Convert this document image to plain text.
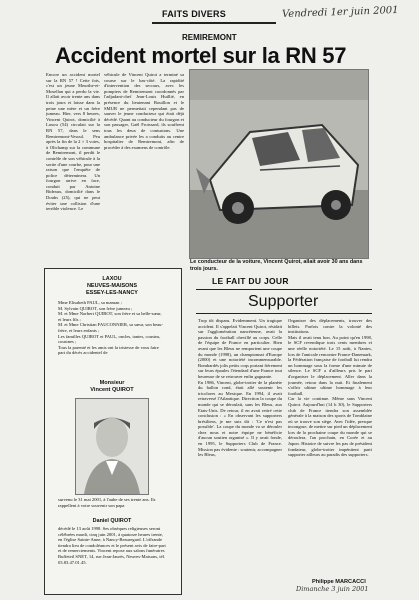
FAITS DIVERS	Vendredi 1er juin 2001
REMIREMONT
Accident mortel sur la RN 57
Encore un accident mortel sur la RN 57 ! Cette fois, c'est un jeune Meurthe-et-Mosellan qui a perdu la vie. Il allait avoir trente ans dans trois jours et laisse dans la peine une mère et un frère jumeau. Hier, vers 8 heures, Vincent Quirot, domicilié à Laxou (54) circulait sur la RN 57, dans le sens Remiremont-Vesoul. Peu après la fin de la 2 × 3 voies, à Olichamp sur la commune de Remiremont, il perdit le contrôle de son véhicule à la sortie d'une courbe, pour une raison que l'enquête de police déterminera. Un fourgon arrive en face, conduit par Antoine Bideaux, domicilié dans le Doubs (25), qui ne peut éviter une collision d'une terrible violence. Le
véhicule de Vincent Quirot a terminé sa course sur le bas-côté. La rapidité d'intervention des secours, avec les pompiers de Remiremont coordonnés par l'adjudant-chef Jean-Louis Huillié, en présence du lieutenant Bouillon et le SMUR ne permettait cependant pas de sauver le jeune conducteur qui était déjà décédé. Quant au conducteur du fourgon et son passager, Gaël Froissard, ils souffrent tous les deux de contusions. Une ambulance privée les a conduits au centre hospitalier de Remiremont, afin de procéder à des examens de contrôle.
Le conducteur de la voiture, Vincent Quirot, allait avoir 30 ans dans trois jours.
LAXOU
NEUVES-MAISONS
ESSEY-LES-NANCY
Mme Elisabeth PAUL, sa maman ;
M. Sylvain QUIROT, son frère jumeau ;
M. et Mme Norbert QUIROT, son frère et sa belle-sœur, et leurs fils ;
M. et Mme Christian FAUCONNIER, sa sœur, son beau-frère, et leurs enfants ;
Les familles QUIROT et PAUL, oncles, tantes, cousins, cousines ;
Tous la parenté et les amis ont la tristesse de vous faire part du décès accidentel de
Monsieur
Vincent QUIROT
survenu le 31 mai 2001, à l'aube de ses trente ans. Ils rappellent à votre souvenir son papa
Daniel QUIROT
décédé le 13 août 1998. Ses obsèques religieuses seront célébrées mardi, cinq juin 2001, à quatorze heures trente, en l'église Sainte-Anne, à Nancy-Beauregard. L'offrande tiendra lieu de condoléances et le présent avis de faire-part et de remerciements. Vincent repose aux salons funéraires Buffeteil SNET, 14, rue Jean-Jaurès, Neuves-Maisons, tél. 03.83.47.01.45.
LE FAIT DU JOUR
Supporter
Trop tôt disparu. Evidemment. Un tragique accident. Il s'appelait Vincent Quirot, résidait sur l'agglomération nancéienne, avait la passion du football chevillé au corps. Celle de l'équipe de France en particulier. Bien avant que les Bleus ne remportent une coupe du monde (1998), un championnat d'Europe (2000) et une notoriété incommensurable. Bombardés jolis petits coqs portant fièrement sur leurs épaules l'étendard d'une France tout heureuse de se retrouver enfin gagnante.
En 1986, Vincent, globe-trotter de la planète du ballon rond, était allé soutenir les tricolores au Mexique. En 1994, il avait retraversé l'Atlantique. Direction la coupe du monde qui se déroulait, sans les Bleus, aux Etats-Unis. De retour, il en avait retiré cette conclusion : « En observant les supporters brésiliens, je me suis dit : 'Ce n'est pas possible'. La coupe du monde va se dérouler chez nous et notre équipe ne bénéficie d'aucun soutien organisé ». Il y avait fonde, en 1995, le Supporters Club de France. Mission pas évidente : soutenir, accompagner les Bleus,
Organiser des déplacements, trouver des billets. Parfois contre la volonté des institutions.
Mais il avait tenu bon. Au point qu'en 1998, le SCF revendique trois cents membres et une réelle notoriété. Le 15 août, à Nantes, lors de l'amicale rencontre France-Danemark, la Fédération française de football lui rendra un hommage sous la forme d'une minute de silence. Le SCF a d'ailleurs pris le pari d'organiser le déplacement. Aller dans la journée, retour dans la nuit. Et finalement s'offrir ultime ultime hommage à leur football.
Car la vie continue. Même sans Vincent Quirot. Aujourd'hui (14 h 30), le Supporters club de France tiendra son assemblée générale à la maison des sports de Tomblaine où se trouve son siège. Avec l'idée, presque incongrue, de mettre sur pied un déplacement lors de la prochaine coupe du monde qui se déroulera, l'an prochain, en Corée et au Japon. Histoire de suivre les pas de président fondateur, globe-trotter impénitent parti supporter ailleurs au paradis des supporters.
Philippe MARCACCI
Dimanche 3 juin 2001
